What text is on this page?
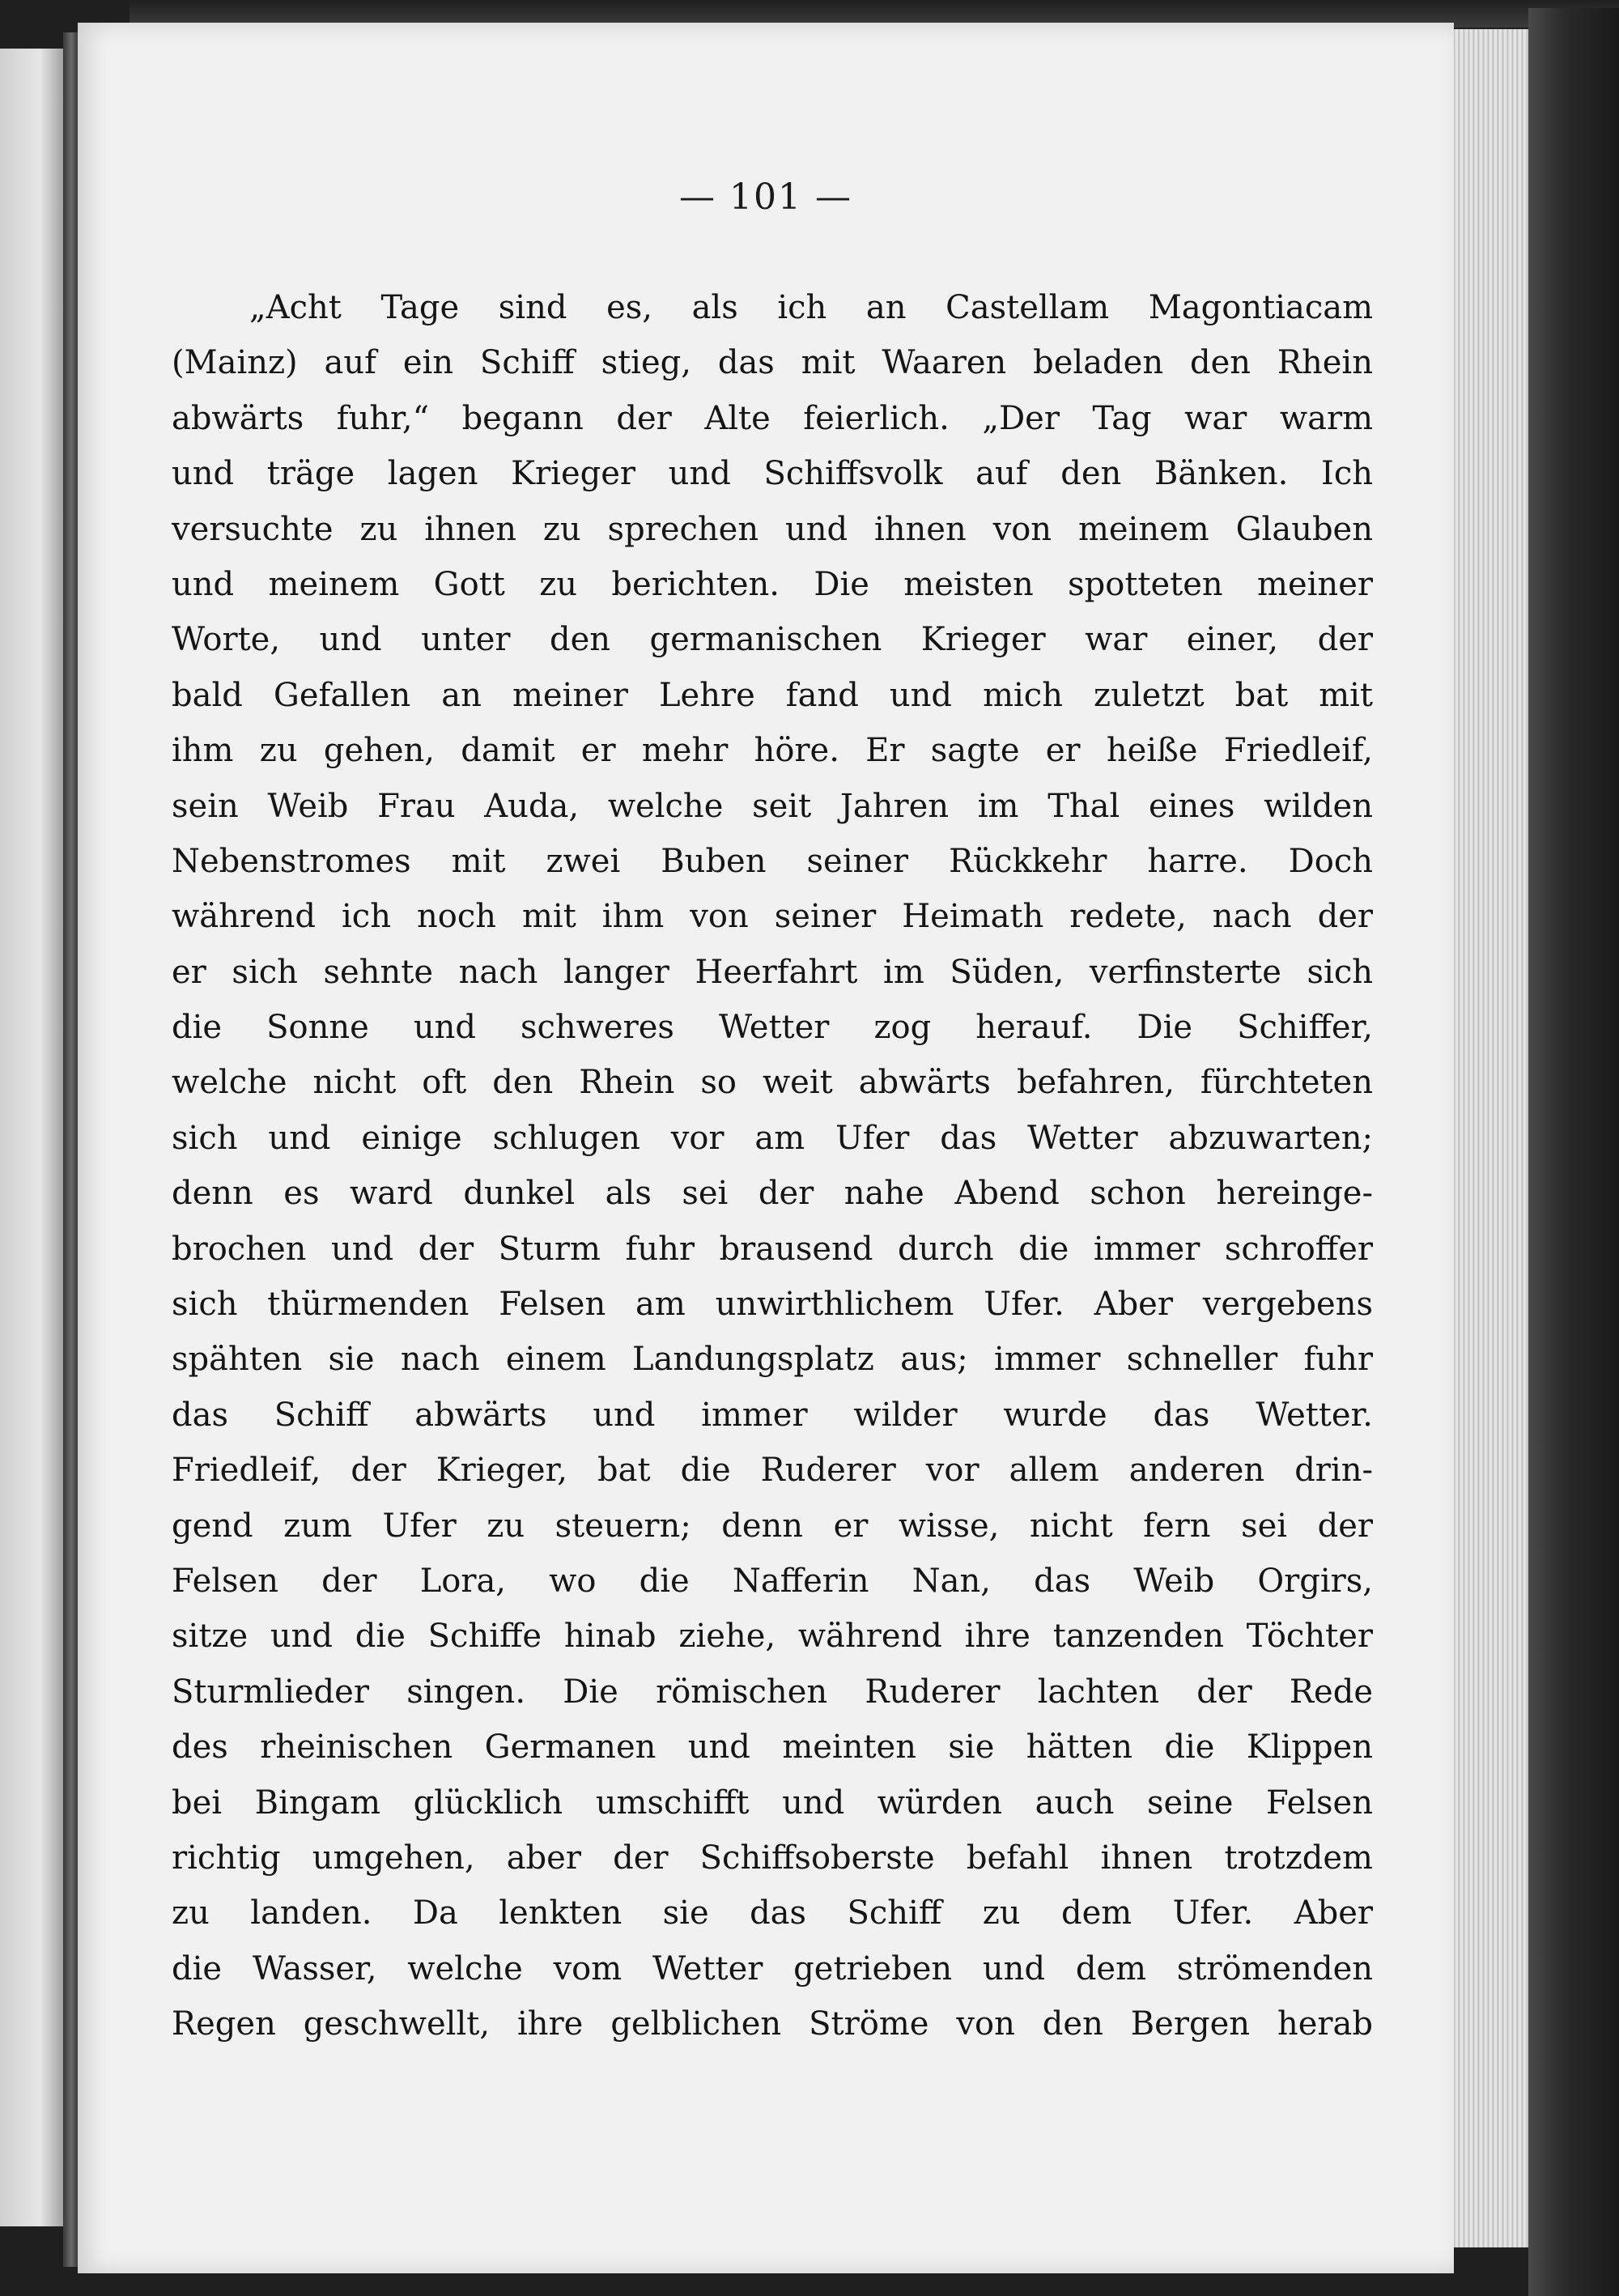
— 101 —
„Acht Tage sind es, als ich an Castellam Magontiacam
(Mainz) auf ein Schiff stieg, das mit Waaren beladen den Rhein
abwärts fuhr,“ begann der Alte feierlich. „Der Tag war warm
und träge lagen Krieger und Schiffsvolk auf den Bänken. Ich
versuchte zu ihnen zu sprechen und ihnen von meinem Glauben
und meinem Gott zu berichten. Die meisten spotteten meiner
Worte, und unter den germanischen Krieger war einer, der
bald Gefallen an meiner Lehre fand und mich zuletzt bat mit
ihm zu gehen, damit er mehr höre. Er sagte er heiße Friedleif,
sein Weib Frau Auda, welche seit Jahren im Thal eines wilden
Nebenstromes mit zwei Buben seiner Rückkehr harre. Doch
während ich noch mit ihm von seiner Heimath redete, nach der
er sich sehnte nach langer Heerfahrt im Süden, verfinsterte sich
die Sonne und schweres Wetter zog herauf. Die Schiffer,
welche nicht oft den Rhein so weit abwärts befahren, fürchteten
sich und einige schlugen vor am Ufer das Wetter abzuwarten;
denn es ward dunkel als sei der nahe Abend schon hereinge-
brochen und der Sturm fuhr brausend durch die immer schroffer
sich thürmenden Felsen am unwirthlichem Ufer. Aber vergebens
spähten sie nach einem Landungsplatz aus; immer schneller fuhr
das Schiff abwärts und immer wilder wurde das Wetter.
Friedleif, der Krieger, bat die Ruderer vor allem anderen drin-
gend zum Ufer zu steuern; denn er wisse, nicht fern sei der
Felsen der Lora, wo die Nafferin Nan, das Weib Orgirs,
sitze und die Schiffe hinab ziehe, während ihre tanzenden Töchter
Sturmlieder singen. Die römischen Ruderer lachten der Rede
des rheinischen Germanen und meinten sie hätten die Klippen
bei Bingam glücklich umschifft und würden auch seine Felsen
richtig umgehen, aber der Schiffsoberste befahl ihnen trotzdem
zu landen. Da lenkten sie das Schiff zu dem Ufer. Aber
die Wasser, welche vom Wetter getrieben und dem strömenden
Regen geschwellt, ihre gelblichen Ströme von den Bergen herab
